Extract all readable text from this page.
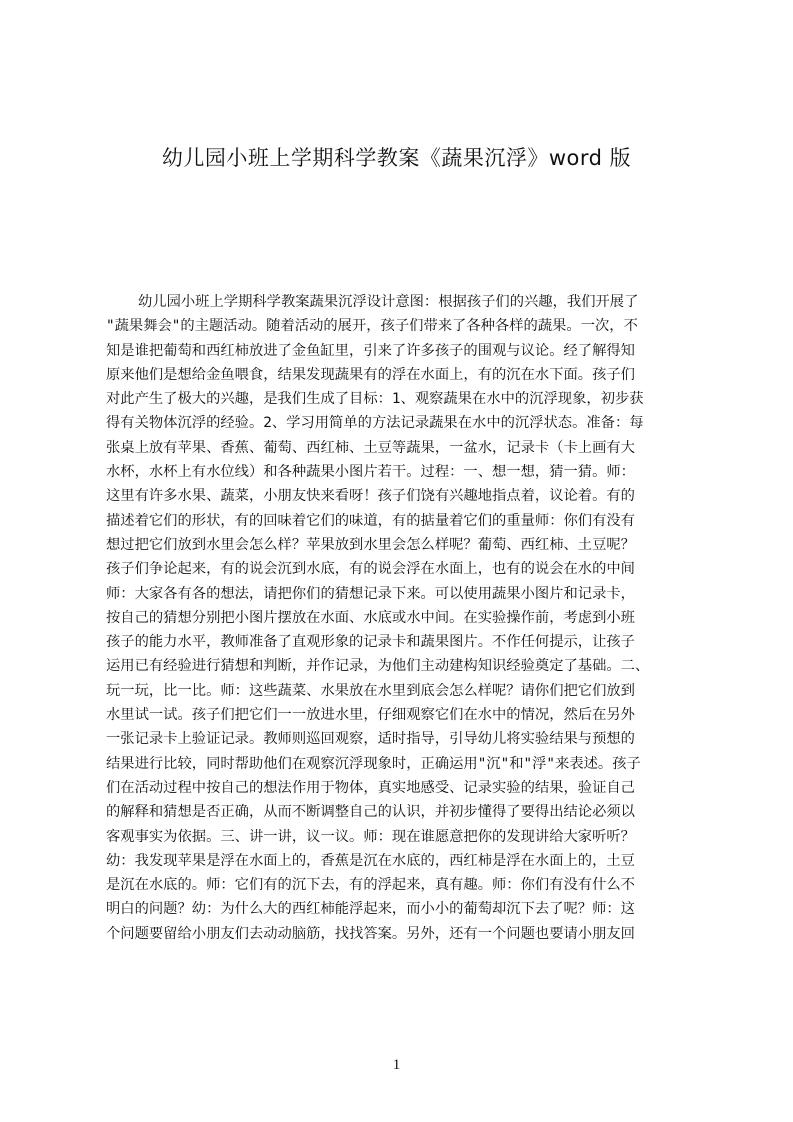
幼儿园小班上学期科学教案《蔬果沉浮》word 版
幼儿园小班上学期科学教案蔬果沉浮设计意图：根据孩子们的兴趣，我们开展了
"蔬果舞会"的主题活动。随着活动的展开，孩子们带来了各种各样的蔬果。一次，不
知是谁把葡萄和西红柿放进了金鱼缸里，引来了许多孩子的围观与议论。经了解得知
原来他们是想给金鱼喂食，结果发现蔬果有的浮在水面上，有的沉在水下面。孩子们
对此产生了极大的兴趣，是我们生成了目标：1、观察蔬果在水中的沉浮现象，初步获
得有关物体沉浮的经验。2、学习用简单的方法记录蔬果在水中的沉浮状态。准备：每
张桌上放有苹果、香蕉、葡萄、西红柿、土豆等蔬果，一盆水，记录卡（卡上画有大
水杯，水杯上有水位线）和各种蔬果小图片若干。过程：一、想一想，猜一猜。师：
这里有许多水果、蔬菜，小朋友快来看呀！孩子们饶有兴趣地指点着，议论着。有的
描述着它们的形状，有的回味着它们的味道，有的掂量着它们的重量师：你们有没有
想过把它们放到水里会怎么样？苹果放到水里会怎么样呢？葡萄、西红柿、土豆呢？
孩子们争论起来，有的说会沉到水底，有的说会浮在水面上，也有的说会在水的中间
师：大家各有各的想法，请把你们的猜想记录下来。可以使用蔬果小图片和记录卡，
按自己的猜想分别把小图片摆放在水面、水底或水中间。在实验操作前，考虑到小班
孩子的能力水平，教师准备了直观形象的记录卡和蔬果图片。不作任何提示，让孩子
运用已有经验进行猜想和判断，并作记录，为他们主动建构知识经验奠定了基础。二、
玩一玩，比一比。师：这些蔬菜、水果放在水里到底会怎么样呢？请你们把它们放到
水里试一试。孩子们把它们一一放进水里，仔细观察它们在水中的情况，然后在另外
一张记录卡上验证记录。教师则巡回观察，适时指导，引导幼儿将实验结果与预想的
结果进行比较，同时帮助他们在观察沉浮现象时，正确运用"沉"和"浮"来表述。孩子
们在活动过程中按自己的想法作用于物体，真实地感受、记录实验的结果，验证自己
的解释和猜想是否正确，从而不断调整自己的认识，并初步懂得了要得出结论必须以
客观事实为依据。三、讲一讲，议一议。师：现在谁愿意把你的发现讲给大家听听？
幼：我发现苹果是浮在水面上的，香蕉是沉在水底的，西红柿是浮在水面上的，土豆
是沉在水底的。师：它们有的沉下去，有的浮起来，真有趣。师：你们有没有什么不
明白的问题？幼：为什么大的西红柿能浮起来，而小小的葡萄却沉下去了呢？师：这
个问题要留给小朋友们去动动脑筋，找找答案。另外，还有一个问题也要请小朋友回
1
